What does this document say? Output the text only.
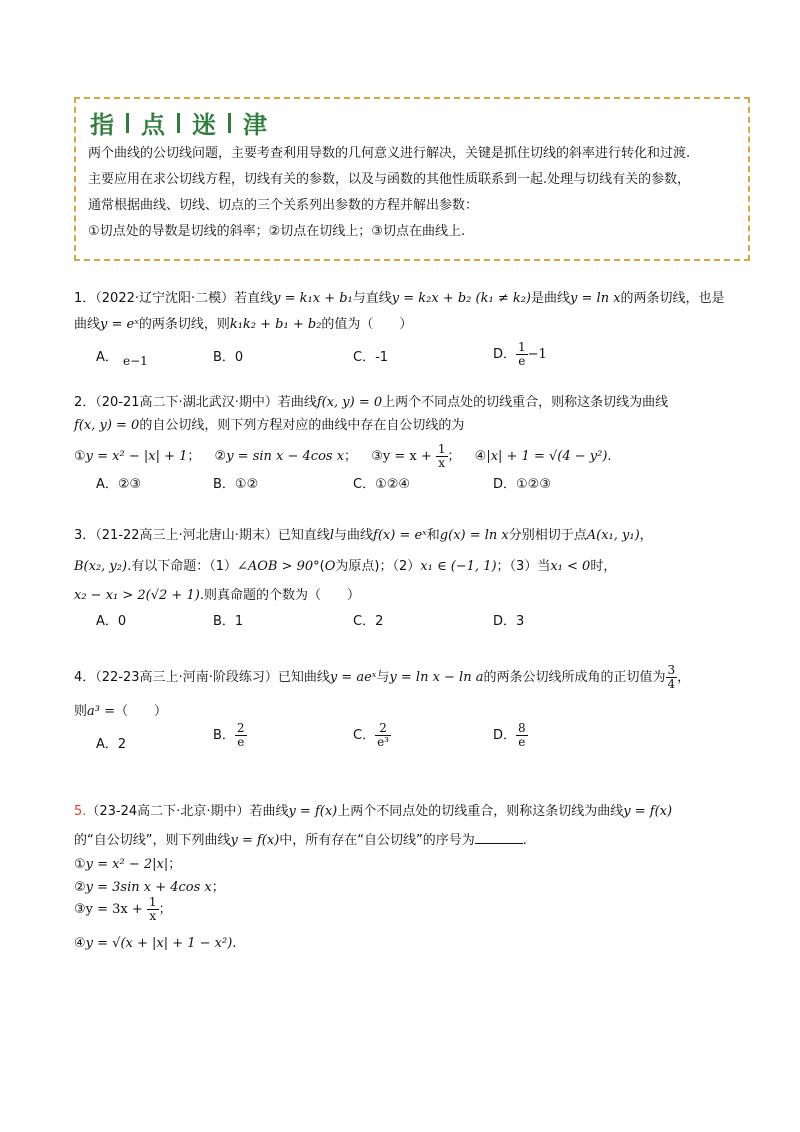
指 点 迷 津
两个曲线的公切线问题，主要考查利用导数的几何意义进行解决，关键是抓住切线的斜率进行转化和过渡.
主要应用在求公切线方程，切线有关的参数，以及与函数的其他性质联系到一起.处理与切线有关的参数，
通常根据曲线、切线、切点的三个关系列出参数的方程并解出参数：
①切点处的导数是切线的斜率；②切点在切线上；③切点在曲线上.
1．（2022·辽宁沈阳·二模）若直线y = k₁x + b₁与直线y = k₂x + b₂ (k₁ ≠ k₂)是曲线y = ln x的两条切线，也是
曲线y = eˣ的两条切线，则k₁k₂ + b₁ + b₂的值为（　　）
A． e−1	B．0	C．-1	D． $\frac{1}{e} -1$
2．（20-21高二下·湖北武汉·期中）若曲线f(x, y) = 0上两个不同点处的切线重合，则称这条切线为曲线
f(x, y) = 0的自公切线，则下列方程对应的曲线中存在自公切线的为
①y = x² − |x| + 1； ②y = sin x − 4cos x； ③y = $x + \frac{1}{x}$ ； ④|x| + 1 = √(4 − y²).
A．②③	B．①②	C．①②④	D．①②③
3．（21-22高三上·河北唐山·期末）已知直线l与曲线f(x) = eˣ和g(x) = ln x分别相切于点A(x₁, y₁)，
B(x₂, y₂).有以下命题：（1）∠AOB > 90°(O为原点)；（2）x₁ ∈ (−1, 1)；（3）当x₁ < 0时，
x₂ − x₁ > 2(√2 + 1).则真命题的个数为（　　）
A．0	B．1	C．2	D．3
4．（22-23高三上·河南·阶段练习）已知曲线y = aeˣ与y = ln x − ln a的两条公切线所成角的正切值为 $\frac{3}{4}$ ，
则a³ =（　　）
A．2
B． $\frac{2}{e}$	C． $\frac{2}{\text{e³}}$	D． $\frac{8}{e}$
5.（23-24高二下·北京·期中）若曲线y = f(x)上两个不同点处的切线重合，则称这条切线为曲线y = f(x)
的“自公切线”，则下列曲线y = f(x)中，所有存在“自公切线”的序号为	.
①y = x² − 2|x|；
②y = 3sin x + 4cos x；
③y = $3x + \frac{1}{x}$ ；
④y = √(x + |x| + 1 − x²).
